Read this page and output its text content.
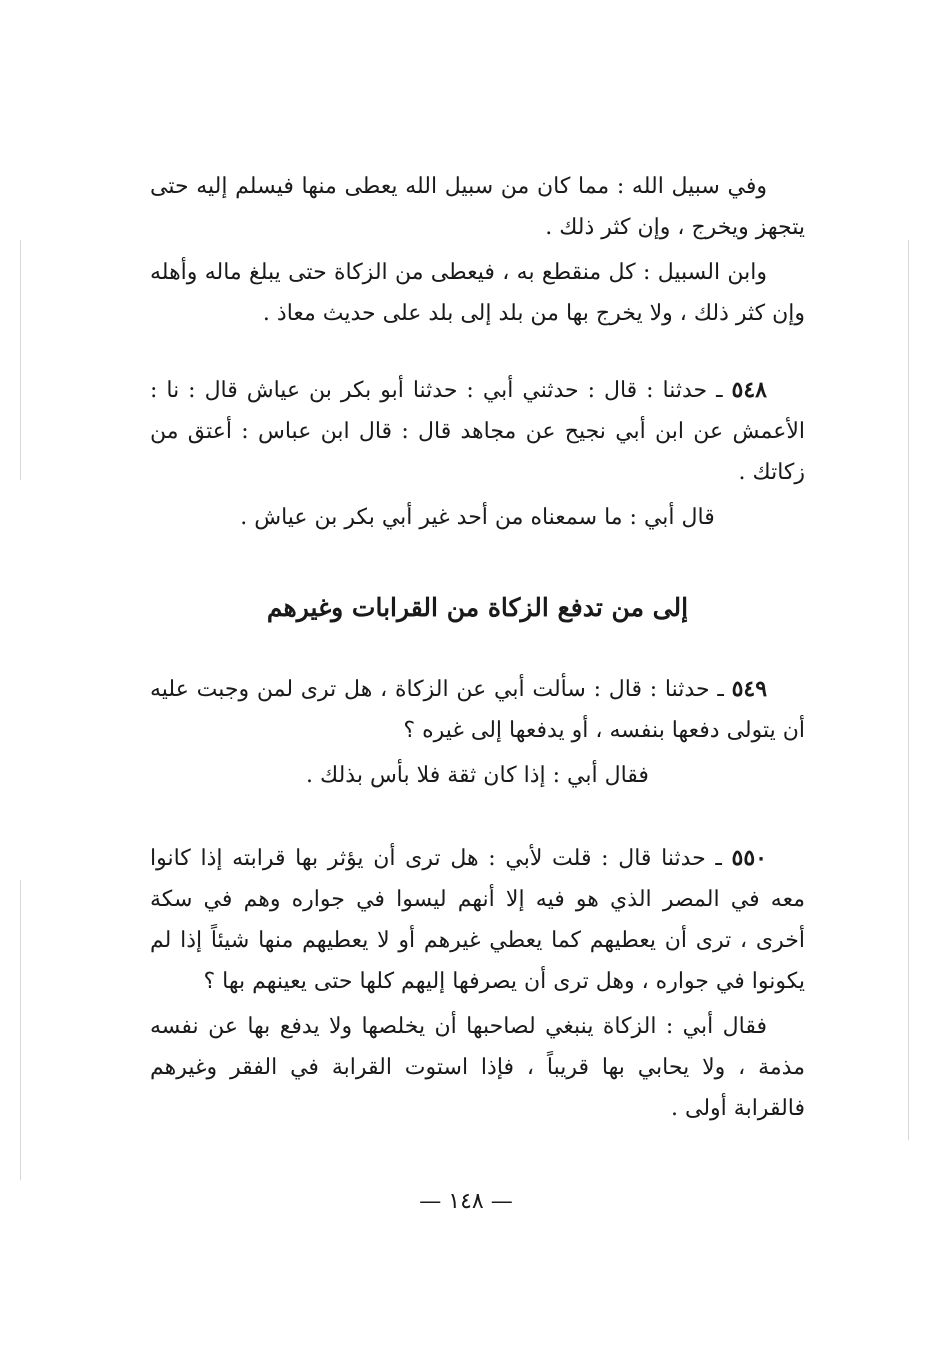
وفي سبيل الله : مما كان من سبيل الله يعطى منها فيسلم إليه حتى يتجهز ويخرج ، وإن كثر ذلك .

وابن السبيل : كل منقطع به ، فيعطى من الزكاة حتى يبلغ ماله وأهله وإن كثر ذلك ، ولا يخرج بها من بلد إلى بلد على حديث معاذ .

٥٤٨ ـ حدثنا : قال : حدثني أبي : حدثنا أبو بكر بن عياش قال : نا : الأعمش عن ابن أبي نجيح عن مجاهد قال : قال ابن عباس : أعتق من زكاتك .

قال أبي : ما سمعناه من أحد غير أبي بكر بن عياش .

إلى من تدفع الزكاة من القرابات وغيرهم

٥٤٩ ـ حدثنا : قال : سألت أبي عن الزكاة ، هل ترى لمن وجبت عليه أن يتولى دفعها بنفسه ، أو يدفعها إلى غيره ؟

فقال أبي : إذا كان ثقة فلا بأس بذلك .

٥٥٠ ـ حدثنا قال : قلت لأبي : هل ترى أن يؤثر بها قرابته إذا كانوا معه في المصر الذي هو فيه إلا أنهم ليسوا في جواره وهم في سكة أخرى ، ترى أن يعطيهم كما يعطي غيرهم أو لا يعطيهم منها شيئاً إذا لم يكونوا في جواره ، وهل ترى أن يصرفها إليهم كلها حتى يعينهم بها ؟

فقال أبي : الزكاة ينبغي لصاحبها أن يخلصها ولا يدفع بها عن نفسه مذمة ، ولا يحابي بها قريباً ، فإذا استوت القرابة في الفقر وغيرهم فالقرابة أولى .

— ١٤٨ —
